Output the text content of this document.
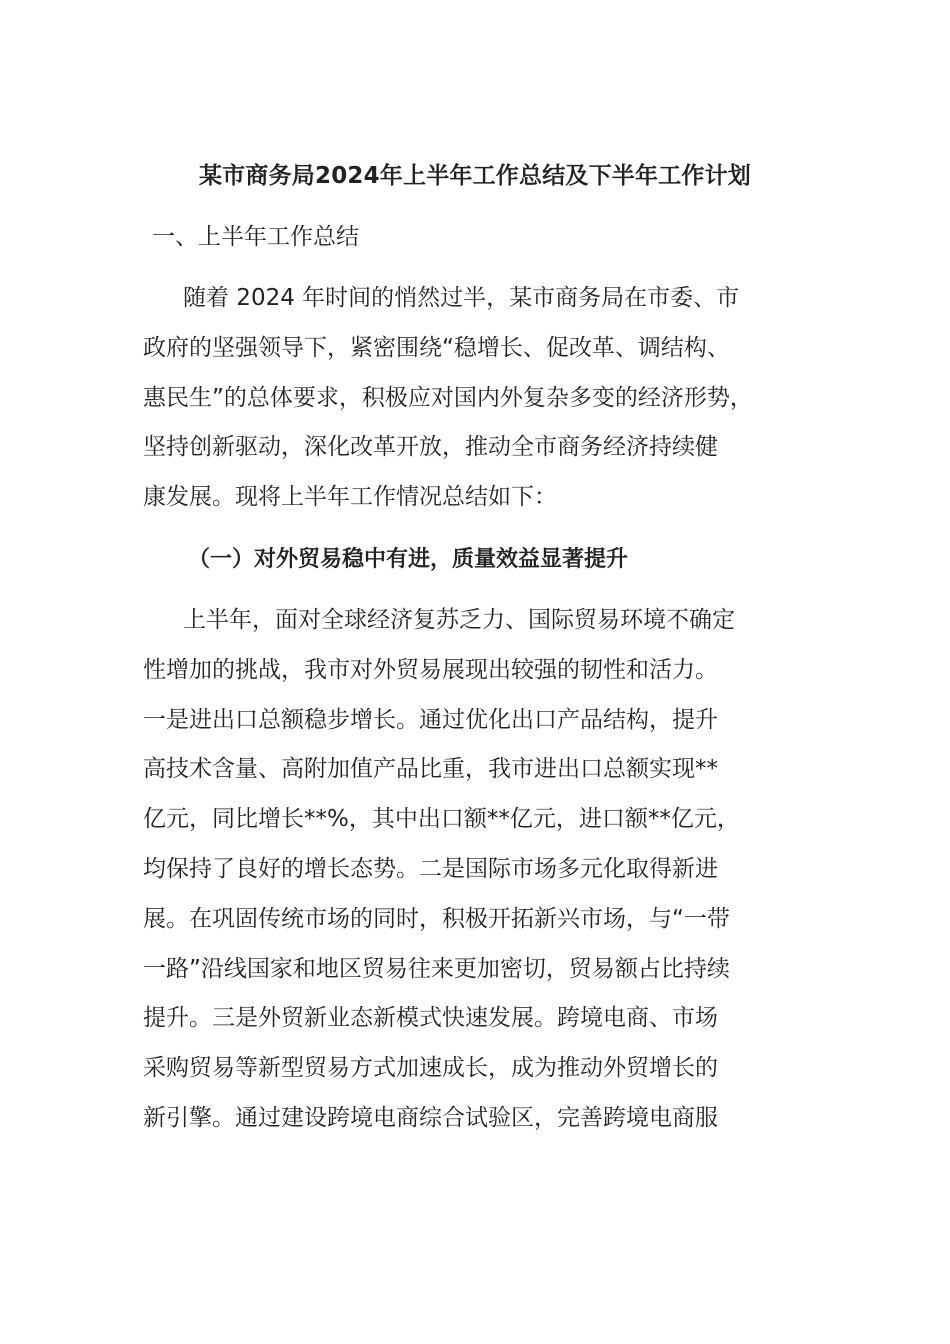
某市商务局2024年上半年工作总结及下半年工作计划
一、上半年工作总结
随着 2024 年时间的悄然过半，某市商务局在市委、市
政府的坚强领导下，紧密围绕“稳增长、促改革、调结构、
惠民生”的总体要求，积极应对国内外复杂多变的经济形势，
坚持创新驱动，深化改革开放，推动全市商务经济持续健
康发展。现将上半年工作情况总结如下：
（一）对外贸易稳中有进，质量效益显著提升
上半年，面对全球经济复苏乏力、国际贸易环境不确定
性增加的挑战，我市对外贸易展现出较强的韧性和活力。
一是进出口总额稳步增长。通过优化出口产品结构，提升
高技术含量、高附加值产品比重，我市进出口总额实现**
亿元，同比增长**%，其中出口额**亿元，进口额**亿元，
均保持了良好的增长态势。二是国际市场多元化取得新进
展。在巩固传统市场的同时，积极开拓新兴市场，与“一带
一路”沿线国家和地区贸易往来更加密切，贸易额占比持续
提升。三是外贸新业态新模式快速发展。跨境电商、市场
采购贸易等新型贸易方式加速成长，成为推动外贸增长的
新引擎。通过建设跨境电商综合试验区，完善跨境电商服
